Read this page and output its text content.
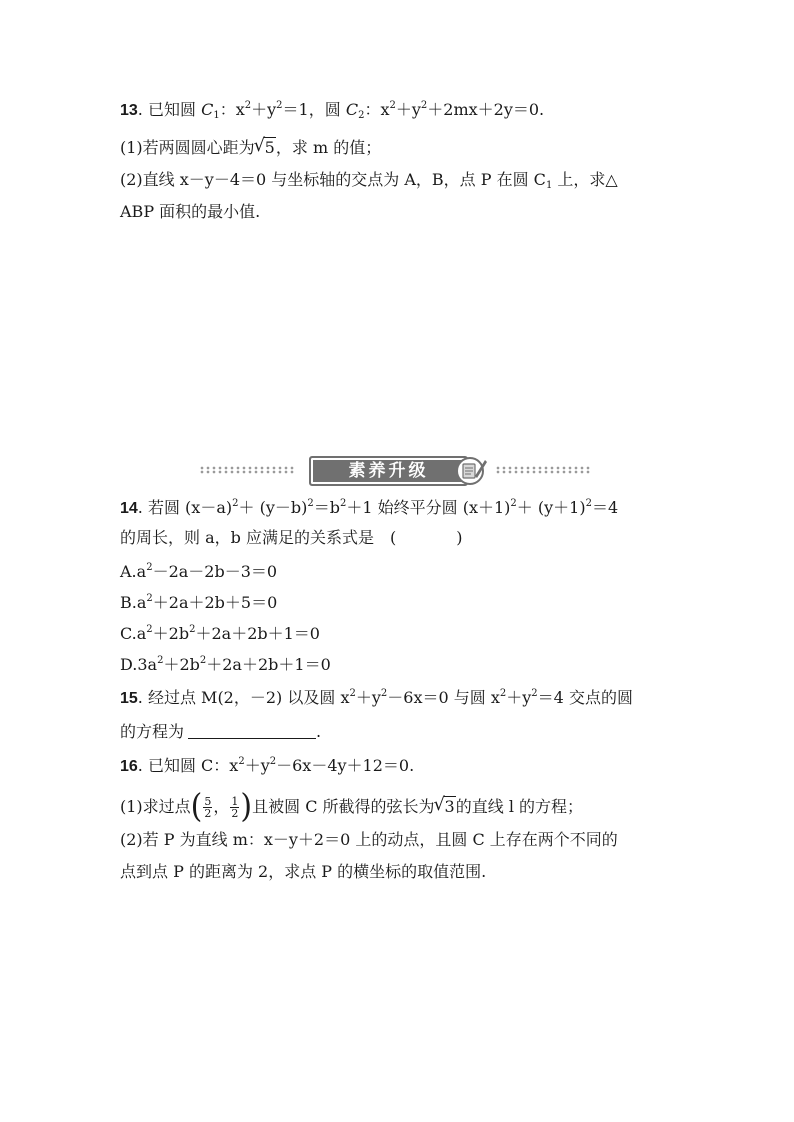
13. 已知圆 $C_1$：$x^2+y^2=1$，圆 $C_2$：$x^2+y^2+2mx+2y=0$.
(1)若两圆圆心距为 √ 5，求 m 的值；
(2)直线 x－y－4＝0 与坐标轴的交点为 A，B，点 P 在圆 $C_1$ 上，求△
ABP 面积的最小值.
素养升级
14. 若圆 $(x-a)^2+ (y-b)^2=b^2+1$ 始终平分圆 $(x+1)^2+ (y+1)^2=4$
的周长，则 a，b 应满足的关系式是　(	)
$A.a^2-2a-2b-3=0$
$B.a^2+2a+2b+5=0$
$C.a^2+2b^2+2a+2b+1=0$
$D.3a^2+2b^2+2a+2b+1=0$
15. 经过点 M(2，－2) 以及圆 $x^2+y^2-6x=0$ 与圆 $x^2+y^2=4$ 交点的圆
的方程为	.
16. 已知圆 C：$x^2+y^2-6x-4y+12=0$.
(1)求过点( $\frac{5}{2}$ ， $\frac{1}{2}$ )且被圆 C 所截得的弦长为 √ 3的直线 l 的方程；
(2)若 P 为直线 m：x－y＋2＝0 上的动点，且圆 C 上存在两个不同的
点到点 P 的距离为 2，求点 P 的横坐标的取值范围.
